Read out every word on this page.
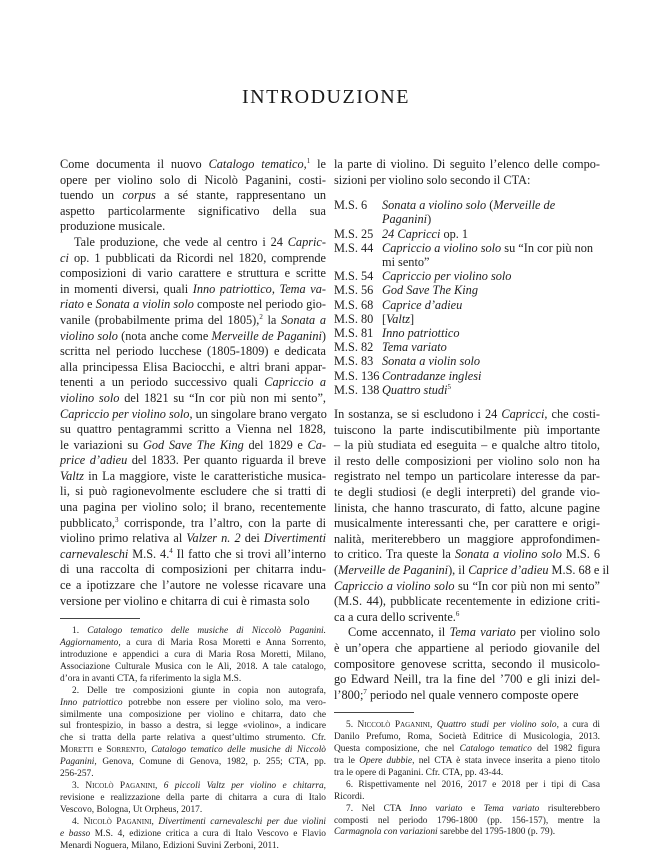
INTRODUZIONE

Come documenta il nuovo Catalogo tematico,$^1$ le
opere per violino solo di Nicolò Paganini, costi-
tuendo un corpus a sé stante, rappresentano un
aspetto particolarmente significativo della sua
produzione musicale.

Tale produzione, che vede al centro i 24 Capric-
ci op. 1 pubblicati da Ricordi nel 1820, comprende
composizioni di vario carattere e struttura e scritte
in momenti diversi, quali Inno patriottico, Tema va-
riato e Sonata a violin solo composte nel periodo gio-
vanile (probabilmente prima del 1805),$^2$ la Sonata a
violino solo (nota anche come Merveille de Paganini)
scritta nel periodo lucchese (1805-1809) e dedicata
alla principessa Elisa Baciocchi, e altri brani appar-
tenenti a un periodo successivo quali Capriccio a
violino solo del 1821 su “In cor più non mi sento”,
Capriccio per violino solo, un singolare brano vergato
su quattro pentagrammi scritto a Vienna nel 1828,
le variazioni su God Save The King del 1829 e Ca-
price d’adieu del 1833. Per quanto riguarda il breve
Valtz in La maggiore, viste le caratteristiche musica-
li, si può ragionevolmente escludere che si tratti di
una pagina per violino solo; il brano, recentemente
pubblicato,$^3$ corrisponde, tra l’altro, con la parte di
violino primo relativa al Valzer n. 2 dei Divertimenti
carnevaleschi M.S. 4.$^4$ Il fatto che si trovi all’interno
di una raccolta di composizioni per chitarra indu-
ce a ipotizzare che l’autore ne volesse ricavare una
versione per violino e chitarra di cui è rimasta solo

1. Catalogo tematico delle musiche di Niccolò Paganini.
Aggiornamento, a cura di Maria Rosa Moretti e Anna Sorrento,
introduzione e appendici a cura di Maria Rosa Moretti, Milano,
Associazione Culturale Musica con le Ali, 2018. A tale catalogo,
d’ora in avanti CTA, fa riferimento la sigla M.S.
2. Delle tre composizioni giunte in copia non autografa,
Inno patriottico potrebbe non essere per violino solo, ma vero-
similmente una composizione per violino e chitarra, dato che
sul frontespizio, in basso a destra, si legge «violino», a indicare
che si tratta della parte relativa a quest’ultimo strumento. Cfr.
Moretti e Sorrento, Catalogo tematico delle musiche di Niccolò
Paganini, Genova, Comune di Genova, 1982, p. 255; CTA, pp.
256-257.
3. Nicolò Paganini, 6 piccoli Valtz per violino e chitarra,
revisione e realizzazione della parte di chitarra a cura di Italo
Vescovo, Bologna, Ut Orpheus, 2017.
4. Nicolò Paganini, Divertimenti carnevaleschi per due violini
e basso M.S. 4, edizione critica a cura di Italo Vescovo e Flavio
Menardi Noguera, Milano, Edizioni Suvini Zerboni, 2011.

la parte di violino. Di seguito l’elenco delle compo-
sizioni per violino solo secondo il CTA:

M.S. 6	Sonata a violino solo (Merveille de Paganini)
M.S. 25 24 Capricci op. 1
M.S. 44 Capriccio a violino solo su “In cor più non mi sento”
M.S. 54 Capriccio per violino solo
M.S. 56 God Save The King
M.S. 68 Caprice d’adieu
M.S. 80 [Valtz]
M.S. 81 Inno patriottico
M.S. 82 Tema variato
M.S. 83 Sonata a violin solo
M.S. 136 Contradanze inglesi
M.S. 138 Quattro studi$^5$

In sostanza, se si escludono i 24 Capricci, che costi-
tuiscono la parte indiscutibilmente più importante
– la più studiata ed eseguita – e qualche altro titolo,
il resto delle composizioni per violino solo non ha
registrato nel tempo un particolare interesse da par-
te degli studiosi (e degli interpreti) del grande vio-
linista, che hanno trascurato, di fatto, alcune pagine
musicalmente interessanti che, per carattere e origi-
nalità, meriterebbero un maggiore approfondimen-
to critico. Tra queste la Sonata a violino solo M.S. 6
(Merveille de Paganini), il Caprice d’adieu M.S. 68 e il
Capriccio a violino solo su “In cor più non mi sento”
(M.S. 44), pubblicate recentemente in edizione criti-
ca a cura dello scrivente.$^6$

Come accennato, il Tema variato per violino solo
è un’opera che appartiene al periodo giovanile del
compositore genovese scritta, secondo il musicolo-
go Edward Neill, tra la fine del ’700 e gli inizi del-
l’800;$^7$ periodo nel quale vennero composte opere

5. Niccolò Paganini, Quattro studi per violino solo, a cura di
Danilo Prefumo, Roma, Società Editrice di Musicologia, 2013.
Questa composizione, che nel Catalogo tematico del 1982 figura
tra le Opere dubbie, nel CTA è stata invece inserita a pieno titolo
tra le opere di Paganini. Cfr. CTA, pp. 43-44.
6. Rispettivamente nel 2016, 2017 e 2018 per i tipi di Casa
Ricordi.
7. Nel CTA Inno variato e Tema variato risulterebbero
composti nel periodo 1796-1800 (pp. 156-157), mentre la
Carmagnola con variazioni sarebbe del 1795-1800 (p. 79).
